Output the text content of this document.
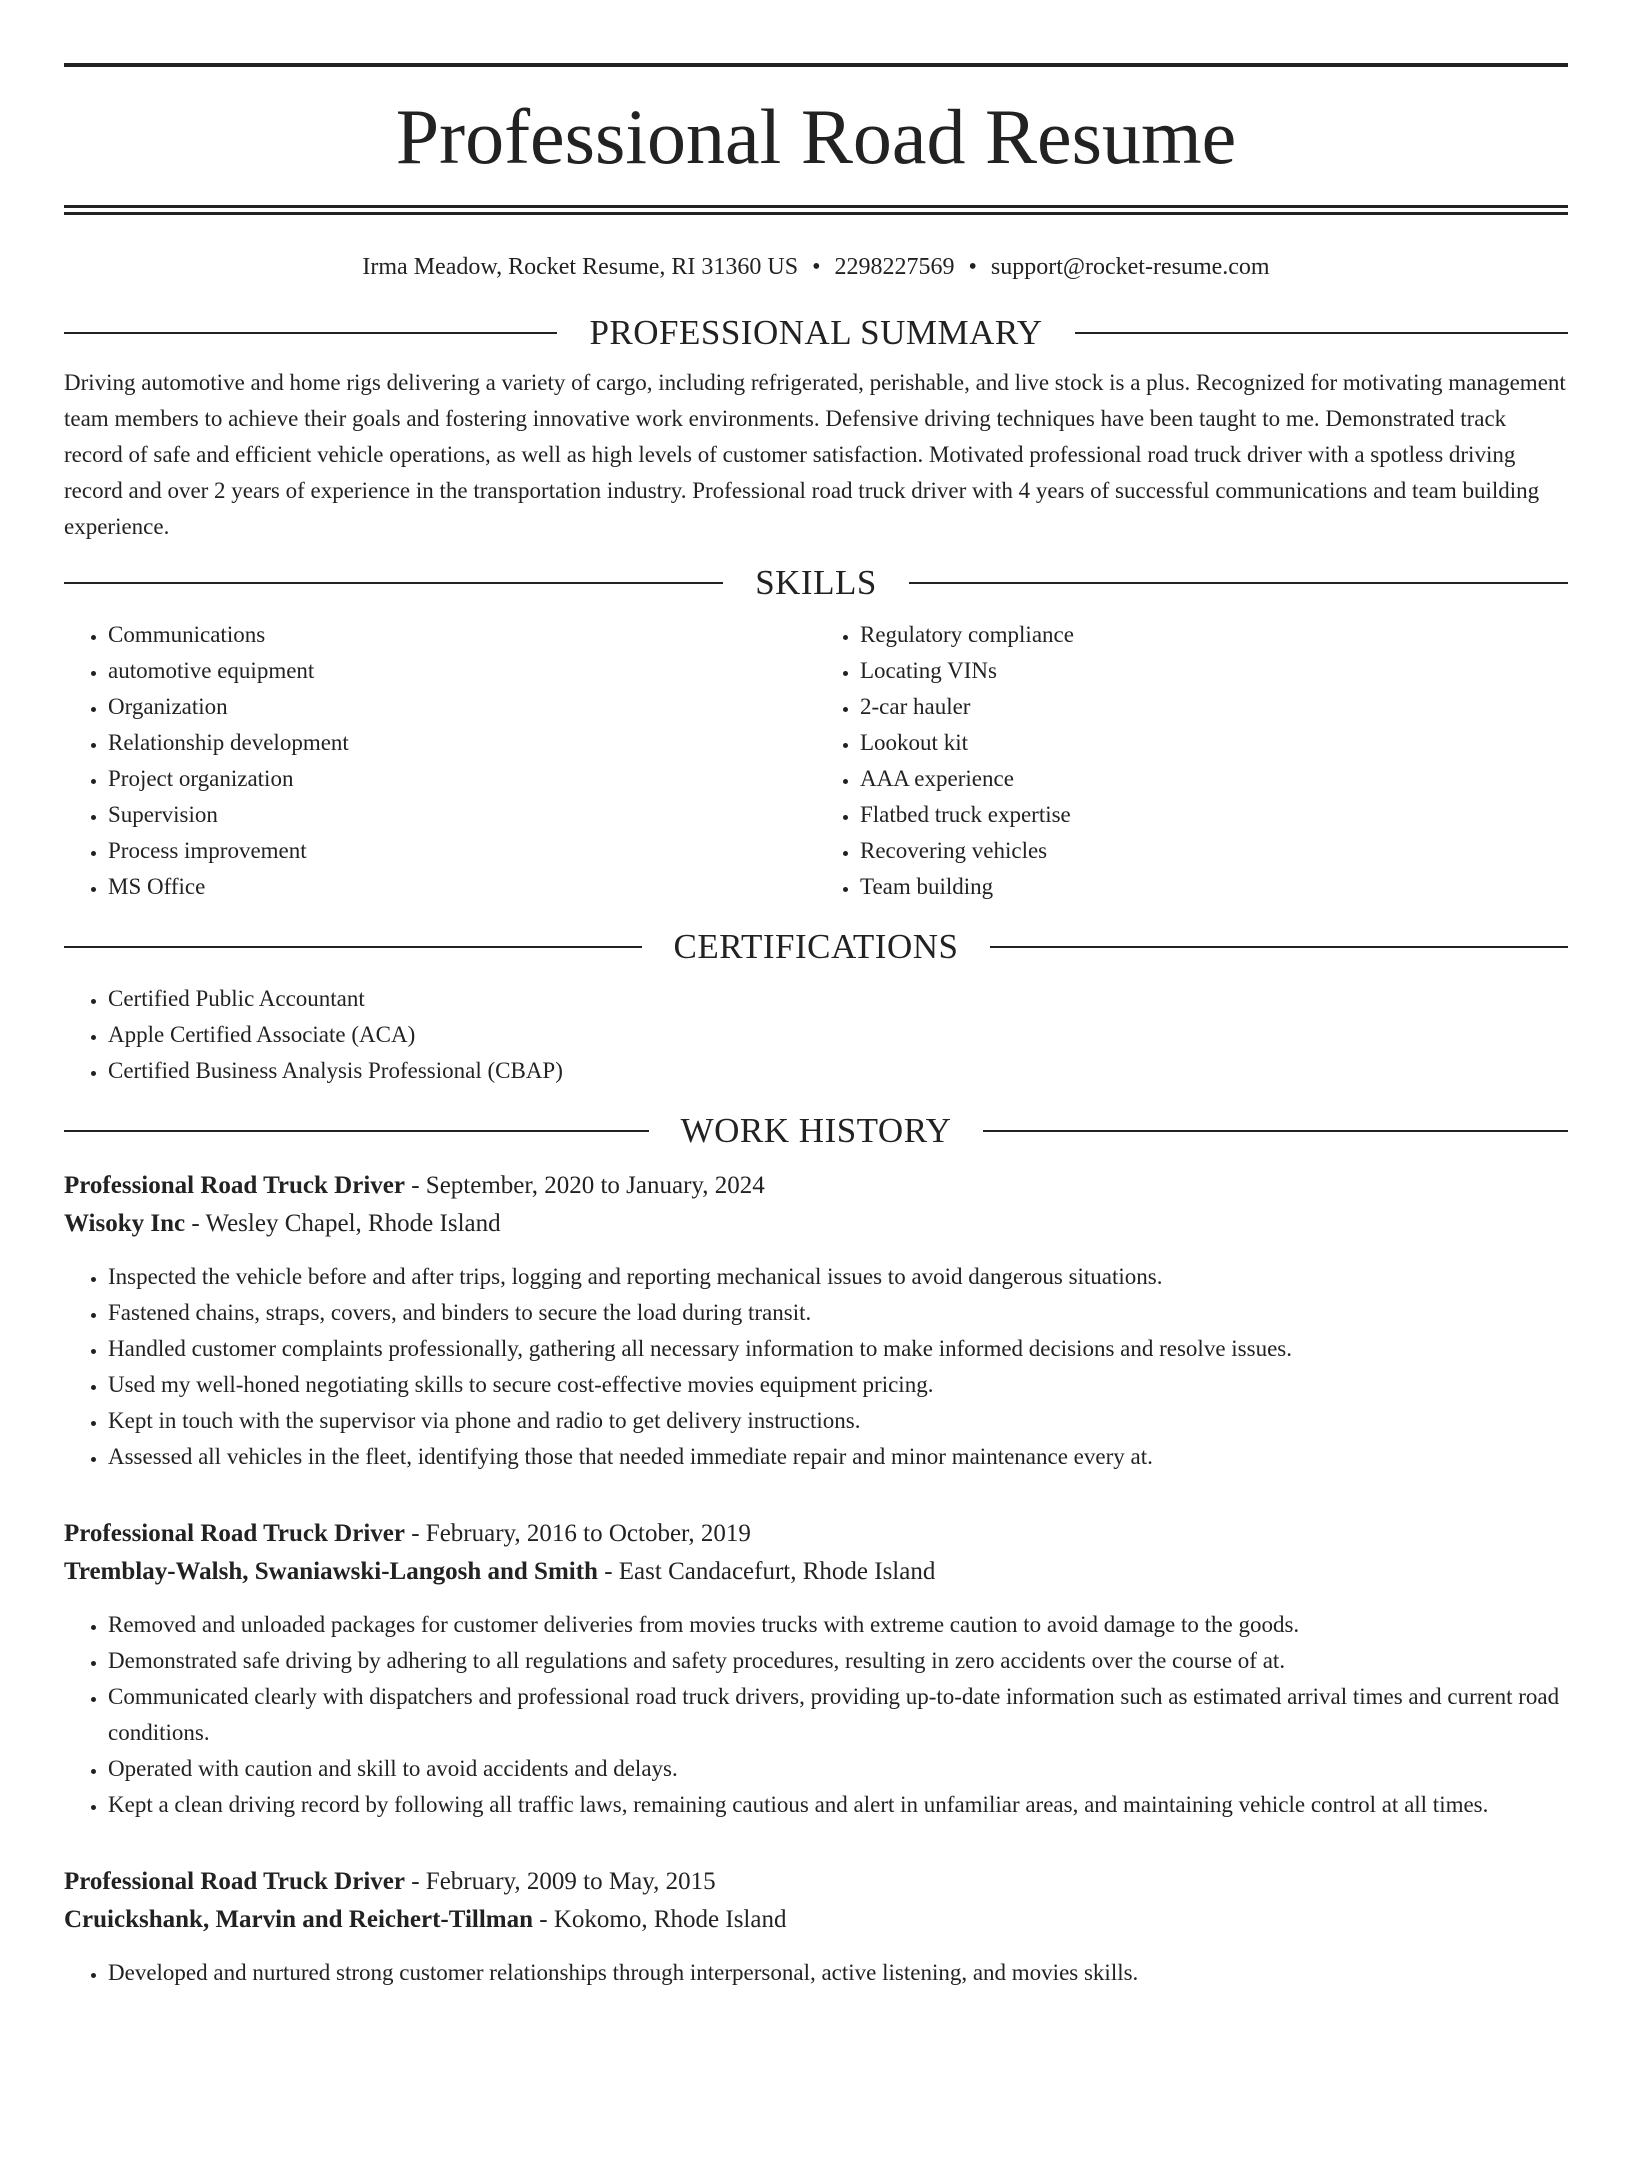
Professional Road Resume
Irma Meadow, Rocket Resume, RI 31360 US • 2298227569 • support@rocket-resume.com
PROFESSIONAL SUMMARY
Driving automotive and home rigs delivering a variety of cargo, including refrigerated, perishable, and live stock is a plus. Recognized for motivating management team members to achieve their goals and fostering innovative work environments. Defensive driving techniques have been taught to me. Demonstrated track record of safe and efficient vehicle operations, as well as high levels of customer satisfaction. Motivated professional road truck driver with a spotless driving record and over 2 years of experience in the transportation industry. Professional road truck driver with 4 years of successful communications and team building experience.
SKILLS
• Communications
• automotive equipment
• Organization
• Relationship development
• Project organization
• Supervision
• Process improvement
• MS Office
• Regulatory compliance
• Locating VINs
• 2-car hauler
• Lookout kit
• AAA experience
• Flatbed truck expertise
• Recovering vehicles
• Team building
CERTIFICATIONS
• Certified Public Accountant
• Apple Certified Associate (ACA)
• Certified Business Analysis Professional (CBAP)
WORK HISTORY
Professional Road Truck Driver - September, 2020 to January, 2024
Wisoky Inc - Wesley Chapel, Rhode Island
• Inspected the vehicle before and after trips, logging and reporting mechanical issues to avoid dangerous situations.
• Fastened chains, straps, covers, and binders to secure the load during transit.
• Handled customer complaints professionally, gathering all necessary information to make informed decisions and resolve issues.
• Used my well-honed negotiating skills to secure cost-effective movies equipment pricing.
• Kept in touch with the supervisor via phone and radio to get delivery instructions.
• Assessed all vehicles in the fleet, identifying those that needed immediate repair and minor maintenance every at.
Professional Road Truck Driver - February, 2016 to October, 2019
Tremblay-Walsh, Swaniawski-Langosh and Smith - East Candacefurt, Rhode Island
• Removed and unloaded packages for customer deliveries from movies trucks with extreme caution to avoid damage to the goods.
• Demonstrated safe driving by adhering to all regulations and safety procedures, resulting in zero accidents over the course of at.
• Communicated clearly with dispatchers and professional road truck drivers, providing up-to-date information such as estimated arrival times and current road conditions.
• Operated with caution and skill to avoid accidents and delays.
• Kept a clean driving record by following all traffic laws, remaining cautious and alert in unfamiliar areas, and maintaining vehicle control at all times.
Professional Road Truck Driver - February, 2009 to May, 2015
Cruickshank, Marvin and Reichert-Tillman - Kokomo, Rhode Island
• Developed and nurtured strong customer relationships through interpersonal, active listening, and movies skills.
